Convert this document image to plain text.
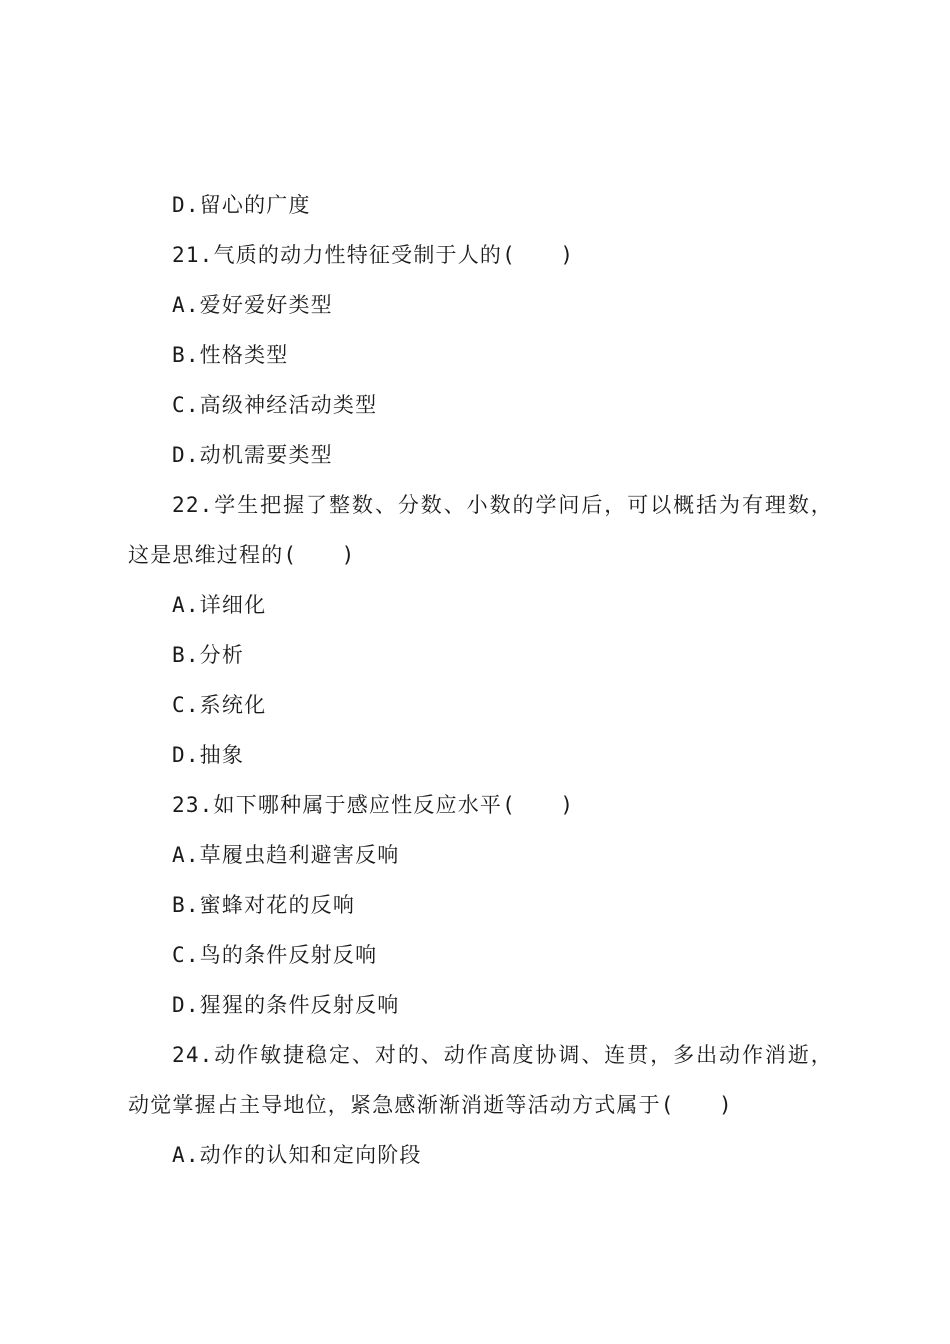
D.留心的广度
21.气质的动力性特征受制于人的(　　)
A.爱好爱好类型
B.性格类型
C.高级神经活动类型
D.动机需要类型
22.学生把握了整数、分数、小数的学问后，可以概括为有理数，这是思维过程的(　　)
A.详细化
B.分析
C.系统化
D.抽象
23.如下哪种属于感应性反应水平(　　)
A.草履虫趋利避害反响
B.蜜蜂对花的反响
C.鸟的条件反射反响
D.猩猩的条件反射反响
24.动作敏捷稳定、对的、动作高度协调、连贯，多出动作消逝，动觉掌握占主导地位，紧急感渐渐消逝等活动方式属于(　　)
A.动作的认知和定向阶段
